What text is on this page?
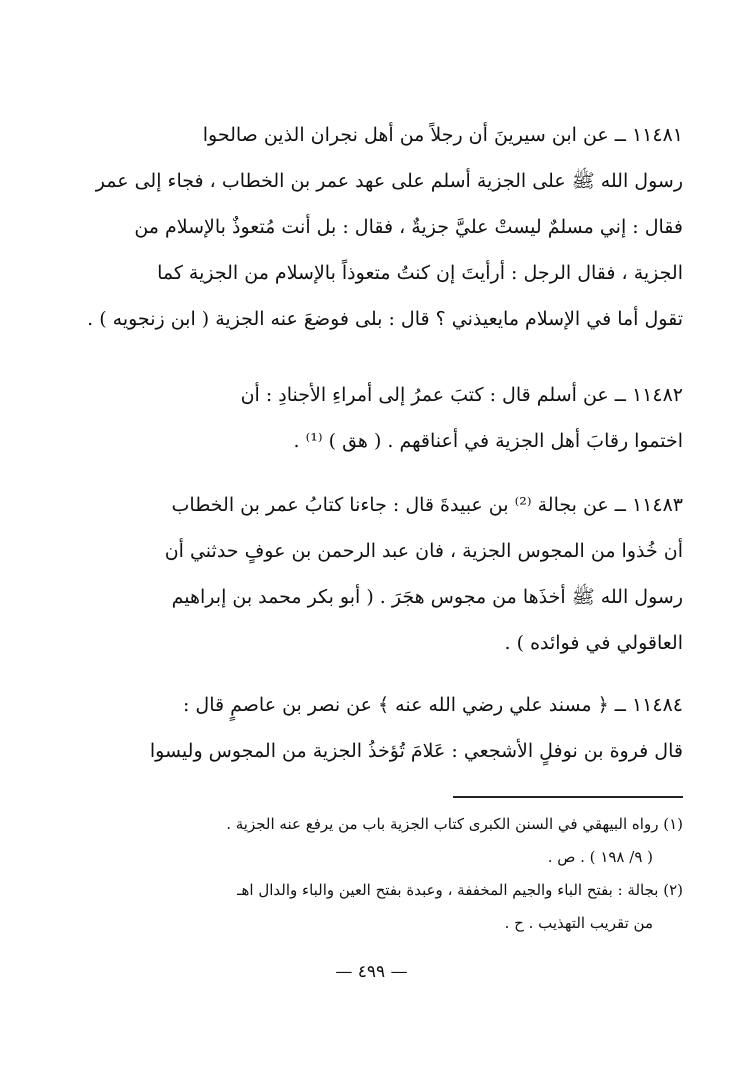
١١٤٨١ ــ عن ابن سيرينَ أن رجلاً من أهل نجران الذين صالحوا

رسول الله ﷺ على الجزية أسلم على عهد عمر بن الخطاب ، فجاء إلى عمر

فقال : إني مسلمٌ ليستْ عليَّ جزيةٌ ، فقال : بل أنت مُتعوذٌ بالإسلام من

الجزية ، فقال الرجل : أرأيتَ إن كنتُ متعوذاً بالإسلام من الجزية كما

تقول أما في الإسلام مايعيذني ؟ قال : بلى فوضعَ عنه الجزية ( ابن زنجويه ) .

١١٤٨٢ ــ عن أسلم قال : كتبَ عمرُ إلى أمراءِ الأجنادِ : أن

اختموا رقابَ أهل الجزية في أعناقهم . ( هق ) ⁽¹⁾ .

١١٤٨٣ ــ عن بجالة ⁽²⁾ بن عبيدةَ قال : جاءنا كتابُ عمر بن الخطاب

أن خُذوا من المجوس الجزية ، فان عبد الرحمن بن عوفٍ حدثني أن

رسول الله ﷺ أخذَها من مجوس هجَرَ . ( أبو بكر محمد بن إبراهيم

العاقولي في فوائده ) .

١١٤٨٤ ــ ﴿ مسند علي رضي الله عنه ﴾ عن نصر بن عاصمٍ قال :

قال فروة بن نوفلٍ الأشجعي : عَلامَ تُؤخذُ الجزية من المجوس وليسوا

(١) رواه البيهقي في السنن الكبرى كتاب الجزية باب من يرفع عنه الجزية .

( ٩/ ١٩٨ ) . ص .

(٢) بجالة : بفتح الباء والجيم المخففة ، وعبدة بفتح العين والباء والدال اهـ

من تقريب التهذيب . ح .

— ٤٩٩ —
